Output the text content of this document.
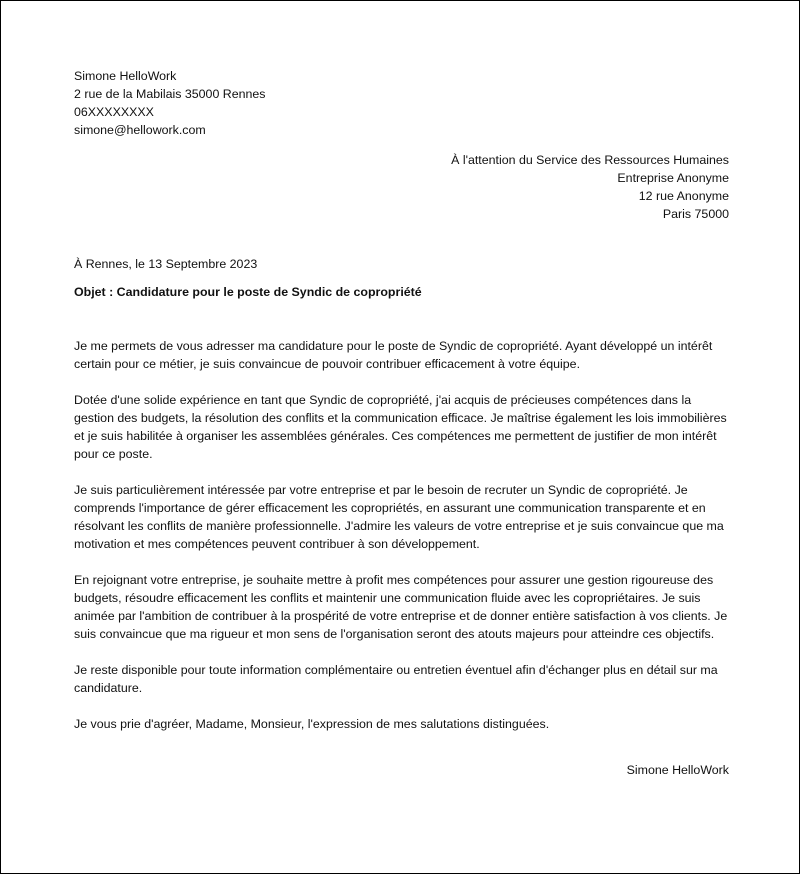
Simone HelloWork
2 rue de la Mabilais 35000 Rennes
06XXXXXXXX
simone@hellowork.com
À l'attention du Service des Ressources Humaines
Entreprise Anonyme
12 rue Anonyme
Paris 75000
À Rennes, le 13 Septembre 2023
Objet : Candidature pour le poste de Syndic de copropriété

Je me permets de vous adresser ma candidature pour le poste de Syndic de copropriété. Ayant développé un intérêt certain pour ce métier, je suis convaincue de pouvoir contribuer efficacement à votre équipe.

Dotée d'une solide expérience en tant que Syndic de copropriété, j'ai acquis de précieuses compétences dans la gestion des budgets, la résolution des conflits et la communication efficace. Je maîtrise également les lois immobilières et je suis habilitée à organiser les assemblées générales. Ces compétences me permettent de justifier de mon intérêt pour ce poste.

Je suis particulièrement intéressée par votre entreprise et par le besoin de recruter un Syndic de copropriété. Je comprends l'importance de gérer efficacement les copropriétés, en assurant une communication transparente et en résolvant les conflits de manière professionnelle. J'admire les valeurs de votre entreprise et je suis convaincue que ma motivation et mes compétences peuvent contribuer à son développement.

En rejoignant votre entreprise, je souhaite mettre à profit mes compétences pour assurer une gestion rigoureuse des budgets, résoudre efficacement les conflits et maintenir une communication fluide avec les copropriétaires. Je suis animée par l'ambition de contribuer à la prospérité de votre entreprise et de donner entière satisfaction à vos clients. Je suis convaincue que ma rigueur et mon sens de l'organisation seront des atouts majeurs pour atteindre ces objectifs.

Je reste disponible pour toute information complémentaire ou entretien éventuel afin d'échanger plus en détail sur ma candidature.

Je vous prie d'agréer, Madame, Monsieur, l'expression de mes salutations distinguées.

Simone HelloWork
